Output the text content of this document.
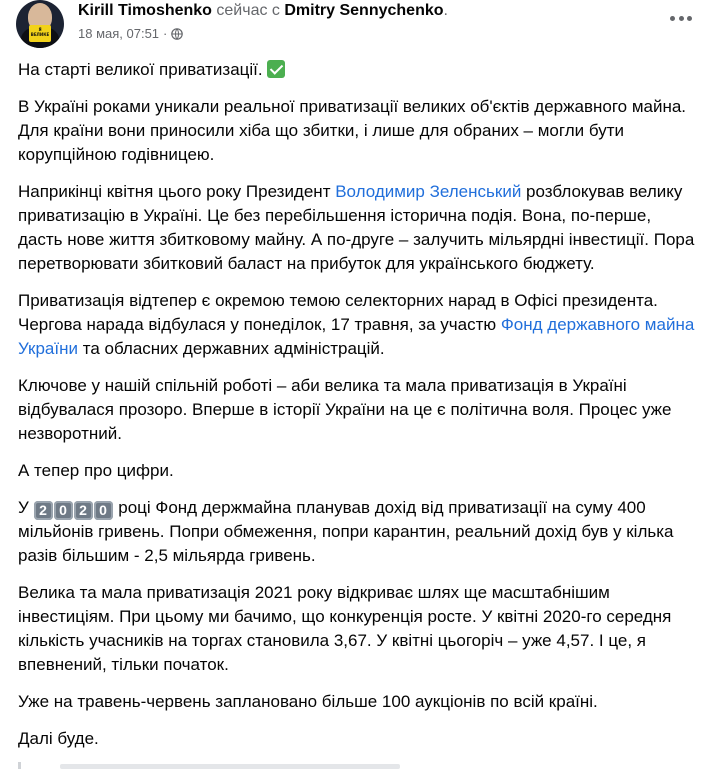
Я ВЕЛИКЕ
Kirill Timoshenko сейчас с Dmitry Sennychenko.
18 мая, 07:51 ·

На старті великої приватизації.

В Україні роками уникали реальної приватизації великих об'єктів державного майна. Для країни вони приносили хіба що збитки, і лише для обраних – могли бути корупційною годівницею.

Наприкінці квітня цього року Президент Володимир Зеленський розблокував велику приватизацію в Україні. Це без перебільшення історична подія. Вона, по-перше, дасть нове життя збитковому майну. А по-друге – залучить мільярдні інвестиції. Пора перетворювати збитковий баласт на прибуток для українського бюджету.

Приватизація відтепер є окремою темою селекторних нарад в Офісі президента. Чергова нарада відбулася у понеділок, 17 травня, за участю Фонд державного майна України та обласних державних адміністрацій.

Ключове у нашій спільній роботі – аби велика та мала приватизація в Україні відбувалася прозоро. Вперше в історії України на це є політична воля. Процес уже незворотний.

А тепер про цифри.

У 2 0 2 0 році Фонд держмайна планував дохід від приватизації на суму 400 мільйонів гривень. Попри обмеження, попри карантин, реальний дохід був у кілька разів більшим - 2,5 мільярда гривень.

Велика та мала приватизація 2021 року відкриває шлях ще масштабнішим інвестиціям. При цьому ми бачимо, що конкуренція росте. У квітні 2020-го середня кількість учасників на торгах становила 3,67. У квітні цьогоріч – уже 4,57. І це, я впевнений, тільки початок.

Уже на травень-червень заплановано більше 100 аукціонів по всій країні.

Далі буде.
